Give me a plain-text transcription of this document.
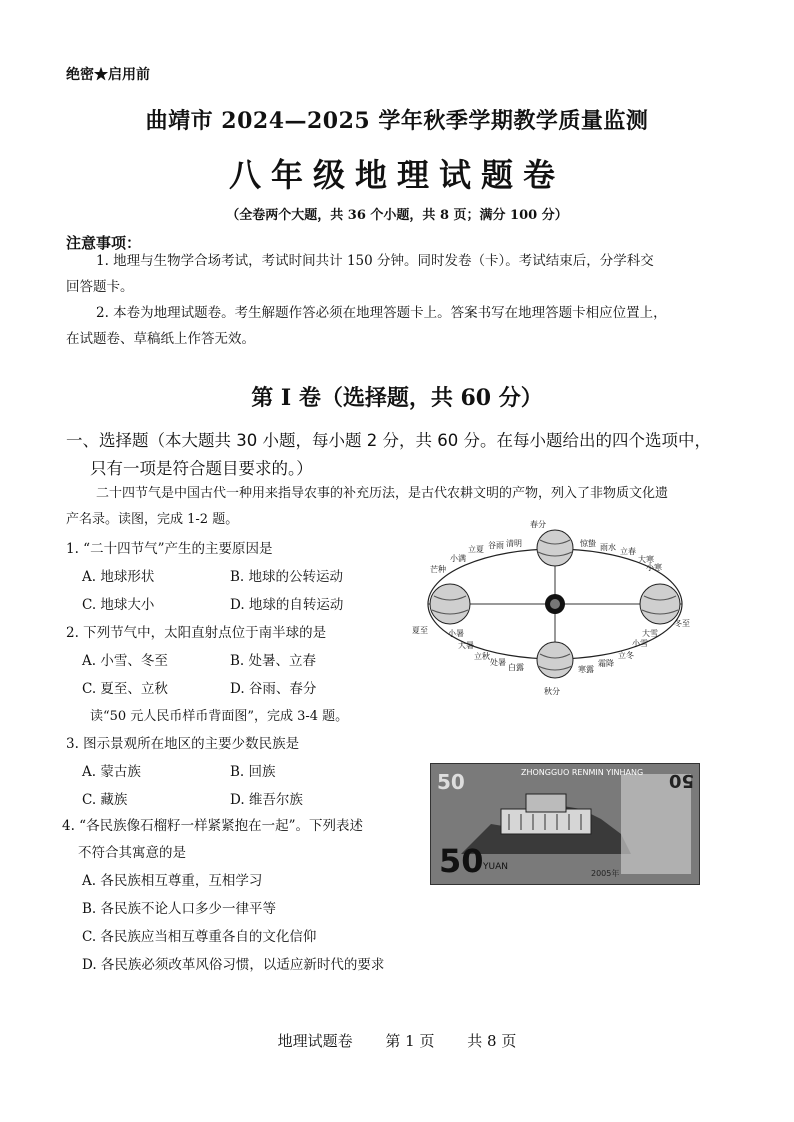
绝密★启用前
曲靖市 2024—2025 学年秋季学期教学质量监测
八年级地理试题卷
（全卷两个大题，共 36 个小题，共 8 页；满分 100 分）
注意事项：
1. 地理与生物学合场考试，考试时间共计 150 分钟。同时发卷（卡）。考试结束后，分学科交
回答题卡。
2. 本卷为地理试题卷。考生解题作答必须在地理答题卡上。答案书写在地理答题卡相应位置上，
在试题卷、草稿纸上作答无效。
第 I 卷（选择题，共 60 分）
一、选择题（本大题共 30 小题，每小题 2 分，共 60 分。在每小题给出的四个选项中，
只有一项是符合题目要求的。）
二十四节气是中国古代一种用来指导农事的补充历法，是古代农耕文明的产物，列入了非物质文化遗
产名录。读图，完成 1-2 题。
1. “二十四节气”产生的主要原因是
A. 地球形状	B. 地球的公转运动
C. 地球大小	D. 地球的自转运动
2. 下列节气中，太阳直射点位于南半球的是
A. 小雪、冬至	B. 处暑、立春
C. 夏至、立秋	D. 谷雨、春分
读“50 元人民币样币背面图”，完成 3-4 题。
3. 图示景观所在地区的主要少数民族是
A. 蒙古族	B. 回族
C. 藏族	D. 维吾尔族
4. “各民族像石榴籽一样紧紧抱在一起”。下列表述
不符合其寓意的是
A. 各民族相互尊重，互相学习
B. 各民族不论人口多少一律平等
C. 各民族应当相互尊重各自的文化信仰
D. 各民族必须改革风俗习惯，以适应新时代的要求
春分
清明
谷雨
立夏
小满
芒种
夏至	小暑
大暑
立秋
处暑
白露
秋分
寒露
霜降
立冬
小雪
大雪
冬至
小寒
大寒
立春
雨水
惊蛰
50	ZHONGGUO RENMIN YINHANG
50 YUAN
2005年
50
地理试题卷 第 1 页 共 8 页
